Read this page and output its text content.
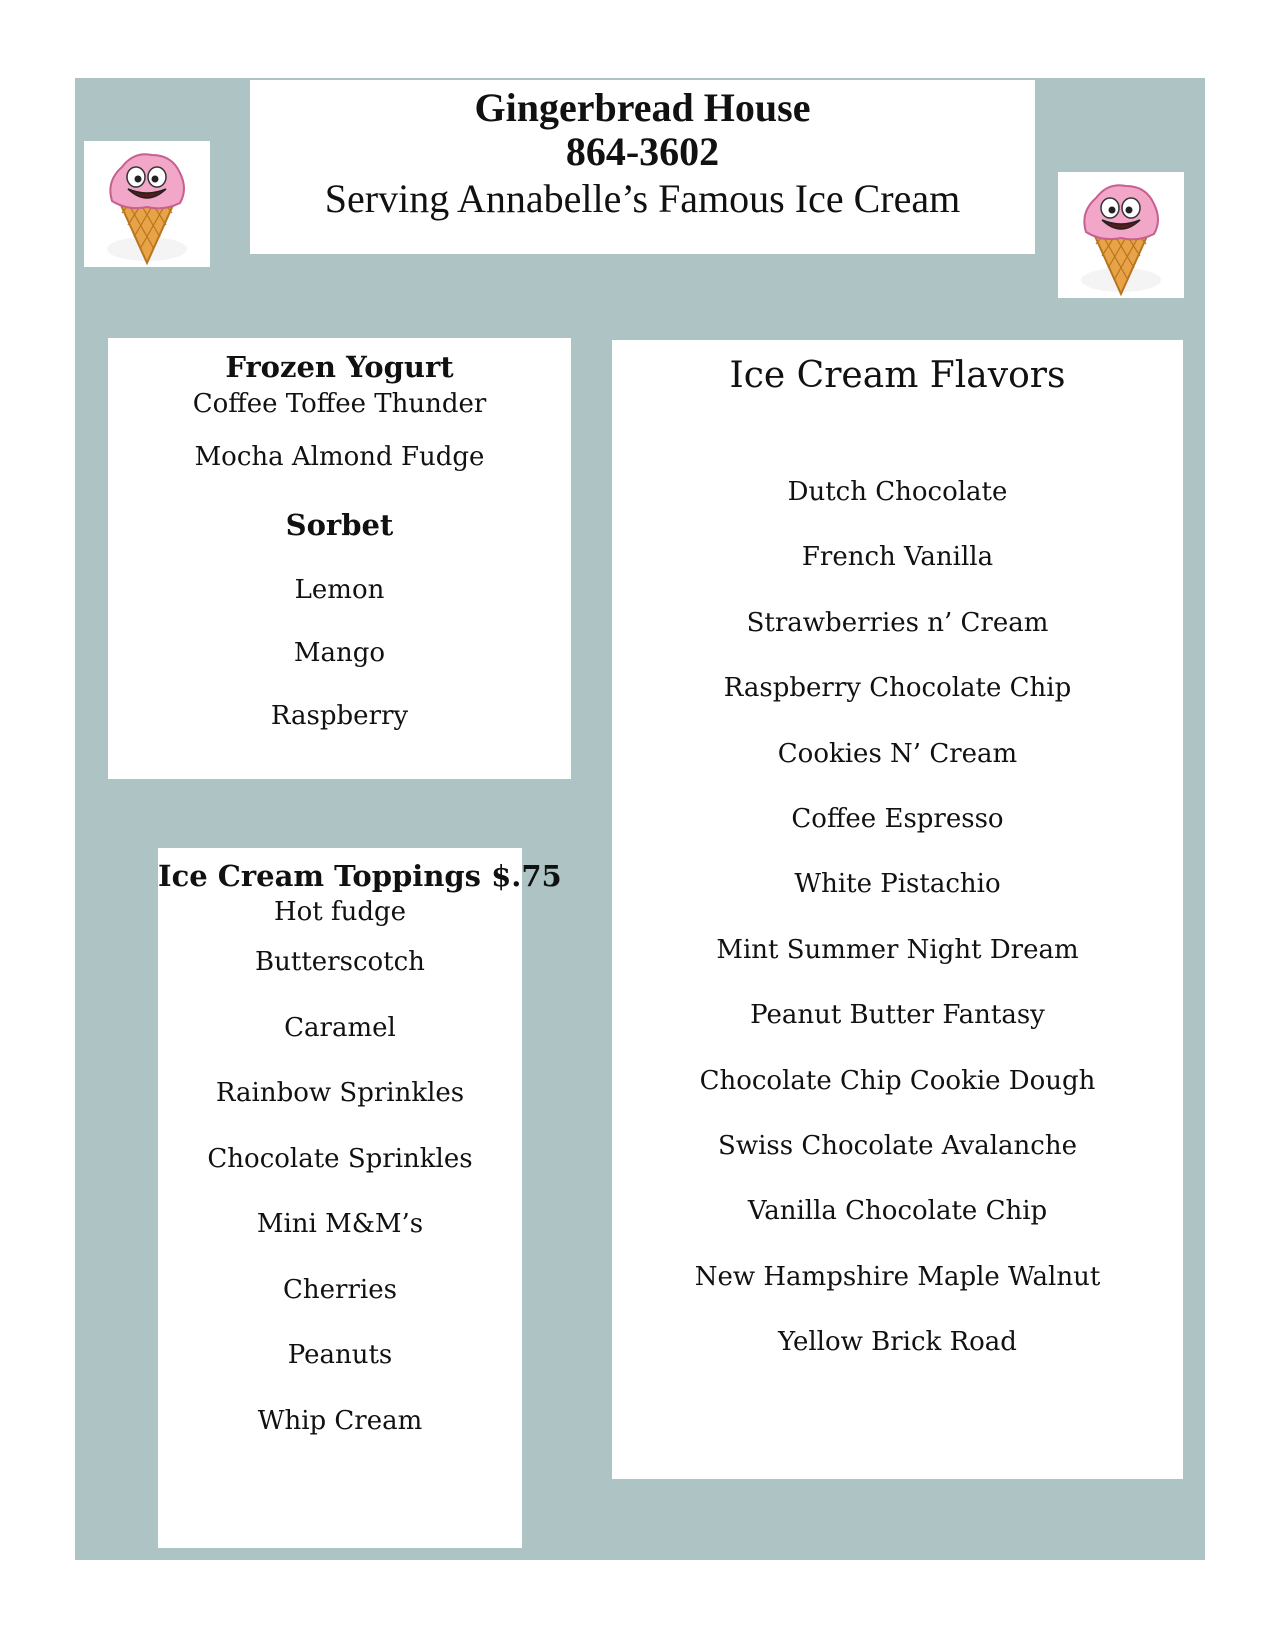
Gingerbread House
864-3602
Serving Annabelle’s Famous Ice Cream
Frozen Yogurt
Coffee Toffee Thunder
Mocha Almond Fudge
Sorbet
Lemon
Mango
Raspberry
Ice Cream Toppings $.75
Hot fudge
Butterscotch
Caramel
Rainbow Sprinkles
Chocolate Sprinkles
Mini M&M’s
Cherries
Peanuts
Whip Cream
Ice Cream Flavors
Dutch Chocolate
French Vanilla
Strawberries n’ Cream
Raspberry Chocolate Chip
Cookies N’ Cream
Coffee Espresso
White Pistachio
Mint Summer Night Dream
Peanut Butter Fantasy
Chocolate Chip Cookie Dough
Swiss Chocolate Avalanche
Vanilla Chocolate Chip
New Hampshire Maple Walnut
Yellow Brick Road
